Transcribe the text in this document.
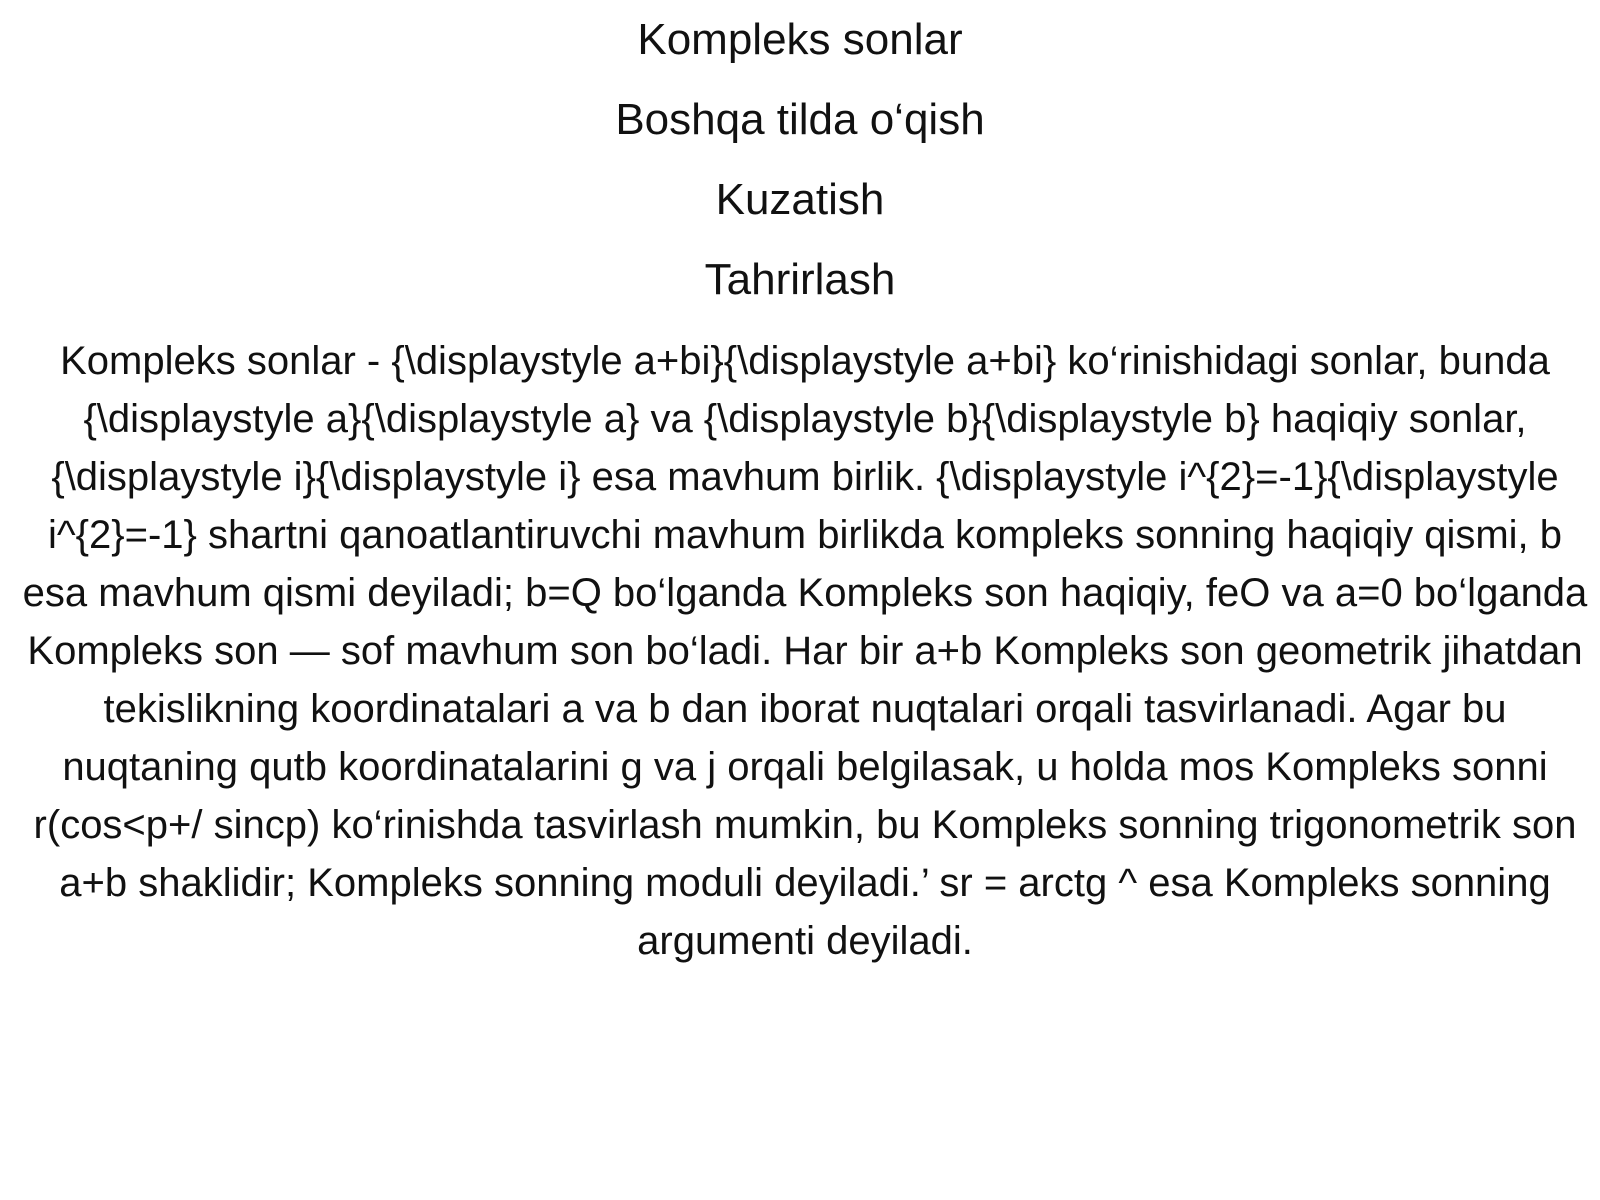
Kompleks sonlar
Boshqa tilda o‘qish
Kuzatish
Tahrirlash
Kompleks sonlar - {\displaystyle a+bi}{\displaystyle a+bi} ko‘rinishidagi sonlar, bunda {\displaystyle a}{\displaystyle a} va {\displaystyle b}{\displaystyle b} haqiqiy sonlar, {\displaystyle i}{\displaystyle i} esa mavhum birlik. {\displaystyle i^{2}=-1}{\displaystyle i^{2}=-1} shartni qanoatlantiruvchi mavhum birlikda kompleks sonning haqiqiy qismi, b esa mavhum qismi deyiladi; b=Q bo‘lganda Kompleks son haqiqiy, feO va a=0 bo‘lganda Kompleks son — sof mavhum son bo‘ladi. Har bir a+b Kompleks son geometrik jihatdan tekislikning koordinatalari a va b dan iborat nuqtalari orqali tasvirlanadi. Agar bu nuqtaning qutb koordinatalarini g va j orqali belgilasak, u holda mos Kompleks sonni r(cos<p+/ sincp) ko‘rinishda tasvirlash mumkin, bu Kompleks sonning trigonometrik son a+b shaklidir; Kompleks sonning moduli deyiladi.’ sr = arctg ^ esa Kompleks sonning argumenti deyiladi.
